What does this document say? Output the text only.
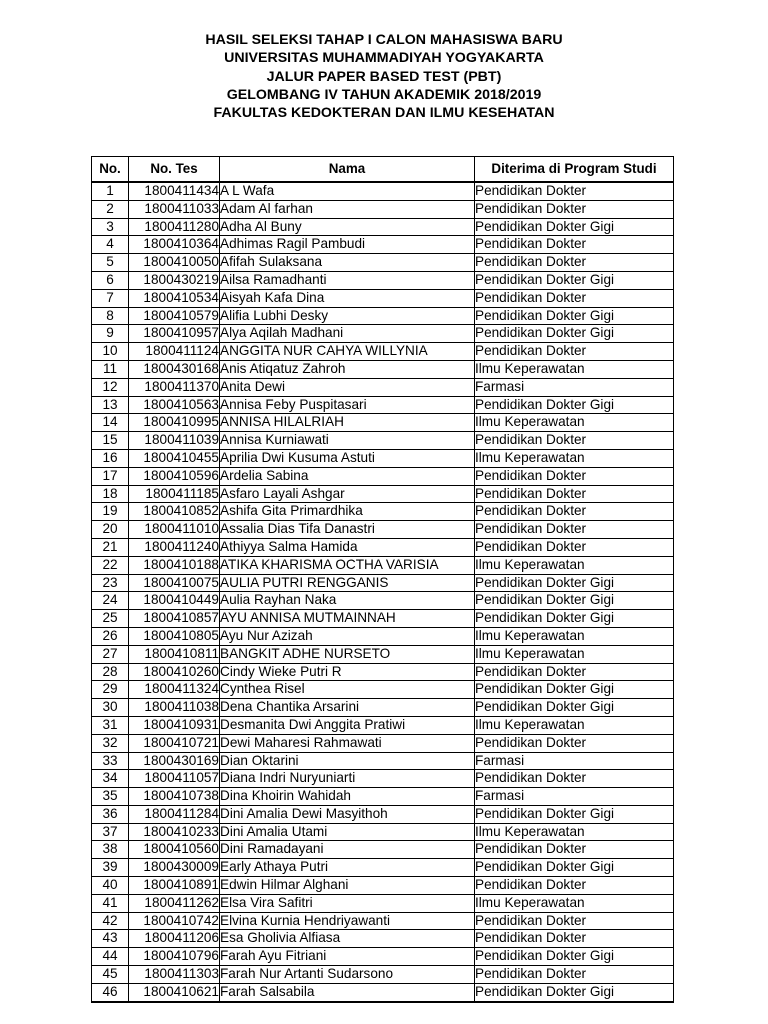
HASIL SELEKSI TAHAP I CALON MAHASISWA BARU
UNIVERSITAS MUHAMMADIYAH YOGYAKARTA
JALUR PAPER BASED TEST (PBT)
GELOMBANG IV TAHUN AKADEMIK 2018/2019
FAKULTAS KEDOKTERAN DAN ILMU KESEHATAN
No.	No. Tes	Nama	Diterima di Program Studi
1	1800411434	A L Wafa	Pendidikan Dokter
2	1800411033	Adam Al farhan	Pendidikan Dokter
3	1800411280	Adha Al Buny	Pendidikan Dokter Gigi
4	1800410364	Adhimas Ragil Pambudi	Pendidikan Dokter
5	1800410050	Afifah Sulaksana	Pendidikan Dokter
6	1800430219	Ailsa Ramadhanti	Pendidikan Dokter Gigi
7	1800410534	Aisyah Kafa Dina	Pendidikan Dokter
8	1800410579	Alifia Lubhi Desky	Pendidikan Dokter Gigi
9	1800410957	Alya Aqilah Madhani	Pendidikan Dokter Gigi
10	1800411124	ANGGITA NUR CAHYA WILLYNIA	Pendidikan Dokter
11	1800430168	Anis Atiqatuz Zahroh	Ilmu Keperawatan
12	1800411370	Anita Dewi	Farmasi
13	1800410563	Annisa Feby Puspitasari	Pendidikan Dokter Gigi
14	1800410995	ANNISA HILALRIAH	Ilmu Keperawatan
15	1800411039	Annisa Kurniawati	Pendidikan Dokter
16	1800410455	Aprilia Dwi Kusuma Astuti	Ilmu Keperawatan
17	1800410596	Ardelia Sabina	Pendidikan Dokter
18	1800411185	Asfaro Layali Ashgar	Pendidikan Dokter
19	1800410852	Ashifa Gita Primardhika	Pendidikan Dokter
20	1800411010	Assalia Dias Tifa Danastri	Pendidikan Dokter
21	1800411240	Athiyya Salma Hamida	Pendidikan Dokter
22	1800410188	ATIKA KHARISMA OCTHA VARISIA	Ilmu Keperawatan
23	1800410075	AULIA PUTRI RENGGANIS	Pendidikan Dokter Gigi
24	1800410449	Aulia Rayhan Naka	Pendidikan Dokter Gigi
25	1800410857	AYU ANNISA MUTMAINNAH	Pendidikan Dokter Gigi
26	1800410805	Ayu Nur Azizah	Ilmu Keperawatan
27	1800410811	BANGKIT ADHE NURSETO	Ilmu Keperawatan
28	1800410260	Cindy Wieke Putri R	Pendidikan Dokter
29	1800411324	Cynthea Risel	Pendidikan Dokter Gigi
30	1800411038	Dena Chantika Arsarini	Pendidikan Dokter Gigi
31	1800410931	Desmanita Dwi Anggita Pratiwi	Ilmu Keperawatan
32	1800410721	Dewi Maharesi Rahmawati	Pendidikan Dokter
33	1800430169	Dian Oktarini	Farmasi
34	1800411057	Diana Indri Nuryuniarti	Pendidikan Dokter
35	1800410738	Dina Khoirin Wahidah	Farmasi
36	1800411284	Dini Amalia Dewi Masyithoh	Pendidikan Dokter Gigi
37	1800410233	Dini Amalia Utami	Ilmu Keperawatan
38	1800410560	Dini Ramadayani	Pendidikan Dokter
39	1800430009	Early Athaya Putri	Pendidikan Dokter Gigi
40	1800410891	Edwin Hilmar Alghani	Pendidikan Dokter
41	1800411262	Elsa Vira Safitri	Ilmu Keperawatan
42	1800410742	Elvina Kurnia Hendriyawanti	Pendidikan Dokter
43	1800411206	Esa Gholivia Alfiasa	Pendidikan Dokter
44	1800410796	Farah Ayu Fitriani	Pendidikan Dokter Gigi
45	1800411303	Farah Nur Artanti Sudarsono	Pendidikan Dokter
46	1800410621	Farah Salsabila	Pendidikan Dokter Gigi
